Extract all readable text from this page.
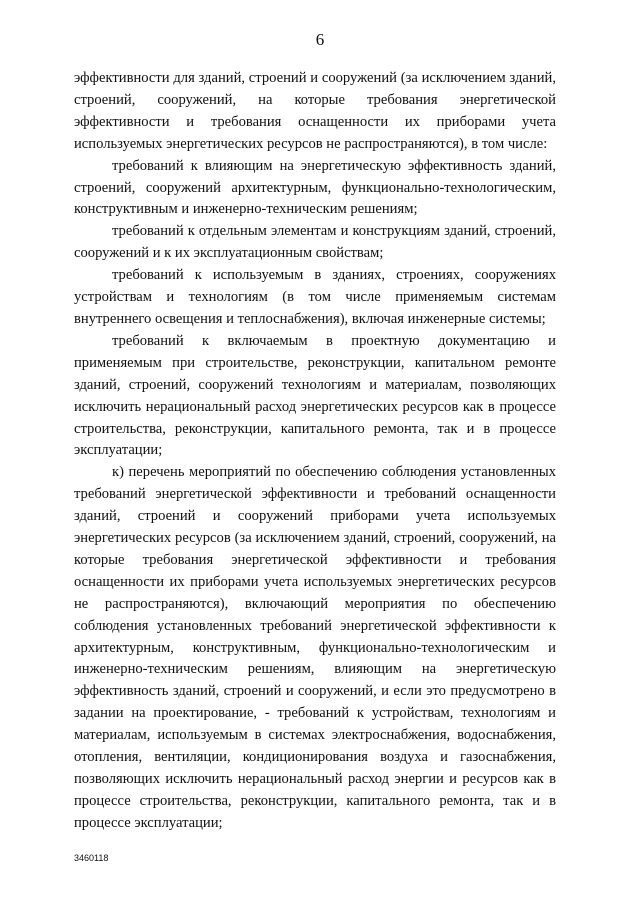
6

эффективности для зданий, строений и сооружений (за исключением зданий, строений, сооружений, на которые требования энергетической эффективности и требования оснащенности их приборами учета используемых энергетических ресурсов не распространяются), в том числе:

требований к влияющим на энергетическую эффективность зданий, строений, сооружений архитектурным, функционально-технологическим, конструктивным и инженерно-техническим решениям;

требований к отдельным элементам и конструкциям зданий, строений, сооружений и к их эксплуатационным свойствам;

требований к используемым в зданиях, строениях, сооружениях устройствам и технологиям (в том числе применяемым системам внутреннего освещения и теплоснабжения), включая инженерные системы;

требований к включаемым в проектную документацию и применяемым при строительстве, реконструкции, капитальном ремонте зданий, строений, сооружений технологиям и материалам, позволяющих исключить нерациональный расход энергетических ресурсов как в процессе строительства, реконструкции, капитального ремонта, так и в процессе эксплуатации;

к) перечень мероприятий по обеспечению соблюдения установленных требований энергетической эффективности и требований оснащенности зданий, строений и сооружений приборами учета используемых энергетических ресурсов (за исключением зданий, строений, сооружений, на которые требования энергетической эффективности и требования оснащенности их приборами учета используемых энергетических ресурсов не распространяются), включающий мероприятия по обеспечению соблюдения установленных требований энергетической эффективности к архитектурным, конструктивным, функционально-технологическим и инженерно-техническим решениям, влияющим на энергетическую эффективность зданий, строений и сооружений, и если это предусмотрено в задании на проектирование, - требований к устройствам, технологиям и материалам, используемым в системах электроснабжения, водоснабжения, отопления, вентиляции, кондиционирования воздуха и газоснабжения, позволяющих исключить нерациональный расход энергии и ресурсов как в процессе строительства, реконструкции, капитального ремонта, так и в процессе эксплуатации;

3460118
